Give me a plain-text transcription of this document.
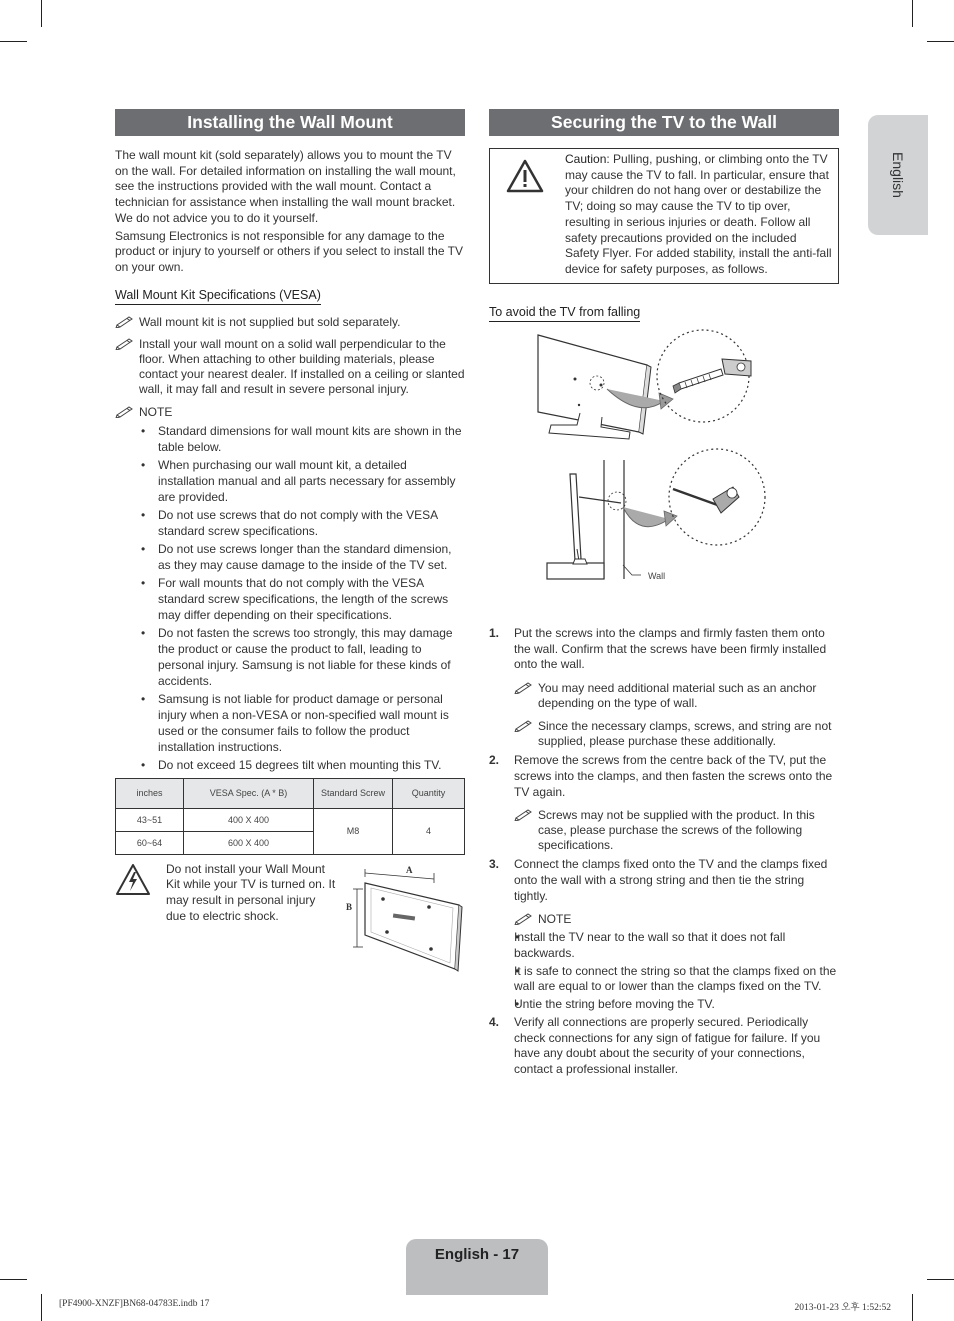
English
Installing the Wall Mount

The wall mount kit (sold separately) allows you to mount the TV on the wall. For detailed information on installing the wall mount, see the instructions provided with the wall mount. Contact a technician for assistance when installing the wall mount bracket. We do not advice you to do it yourself.

Samsung Electronics is not responsible for any damage to the product or injury to yourself or others if you select to install the TV on your own.

Wall Mount Kit Specifications (VESA)
Wall mount kit is not supplied but sold separately.
Install your wall mount on a solid wall perpendicular to the floor. When attaching to other building materials, please contact your nearest dealer. If installed on a ceiling or slanted wall, it may fall and result in severe personal injury.
NOTE
• Standard dimensions for wall mount kits are shown in the table below.
• When purchasing our wall mount kit, a detailed installation manual and all parts necessary for assembly are provided.
• Do not use screws that do not comply with the VESA standard screw specifications.
• Do not use screws longer than the standard dimension, as they may cause damage to the inside of the TV set.
• For wall mounts that do not comply with the VESA standard screw specifications, the length of the screws may differ depending on their specifications.
• Do not fasten the screws too strongly, this may damage the product or cause the product to fall, leading to personal injury. Samsung is not liable for these kinds of accidents.
• Samsung is not liable for product damage or personal injury when a non-VESA or non-specified wall mount is used or the consumer fails to follow the product installation instructions.
• Do not exceed 15 degrees tilt when mounting this TV.
inches	VESA Spec. (A * B)	Standard Screw	Quantity
43~51	400 X 400	M8	4
60~64	600 X 400		

Do not install your Wall Mount Kit while your TV is turned on. It may result in personal injury due to electric shock.

A
B
Securing the TV to the Wall

Caution: Pulling, pushing, or climbing onto the TV may cause the TV to fall. In particular, ensure that your children do not hang over or destabilize the TV; doing so may cause the TV to tip over, resulting in serious injuries or death. Follow all safety precautions provided on the included Safety Flyer. For added stability, install the anti-fall device for safety purposes, as follows.

To avoid the TV from falling
Wall
1. Put the screws into the clamps and firmly fasten them onto the wall. Confirm that the screws have been firmly installed onto the wall.
You may need additional material such as an anchor depending on the type of wall.
Since the necessary clamps, screws, and string are not supplied, please purchase these additionally.
2. Remove the screws from the centre back of the TV, put the screws into the clamps, and then fasten the screws onto the TV again.
Screws may not be supplied with the product. In this case, please purchase the screws of the following specifications.
3. Connect the clamps fixed onto the TV and the clamps fixed onto the wall with a strong string and then tie the string tightly.
NOTE
• Install the TV near to the wall so that it does not fall backwards.
• It is safe to connect the string so that the clamps fixed on the wall are equal to or lower than the clamps fixed on the TV.
• Untie the string before moving the TV.
4. Verify all connections are properly secured. Periodically check connections for any sign of fatigue for failure. If you have any doubt about the security of your connections, contact a professional installer.
English - 17
[PF4900-XNZF]BN68-04783E.indb 17	2013-01-23 오후 1:52:52
